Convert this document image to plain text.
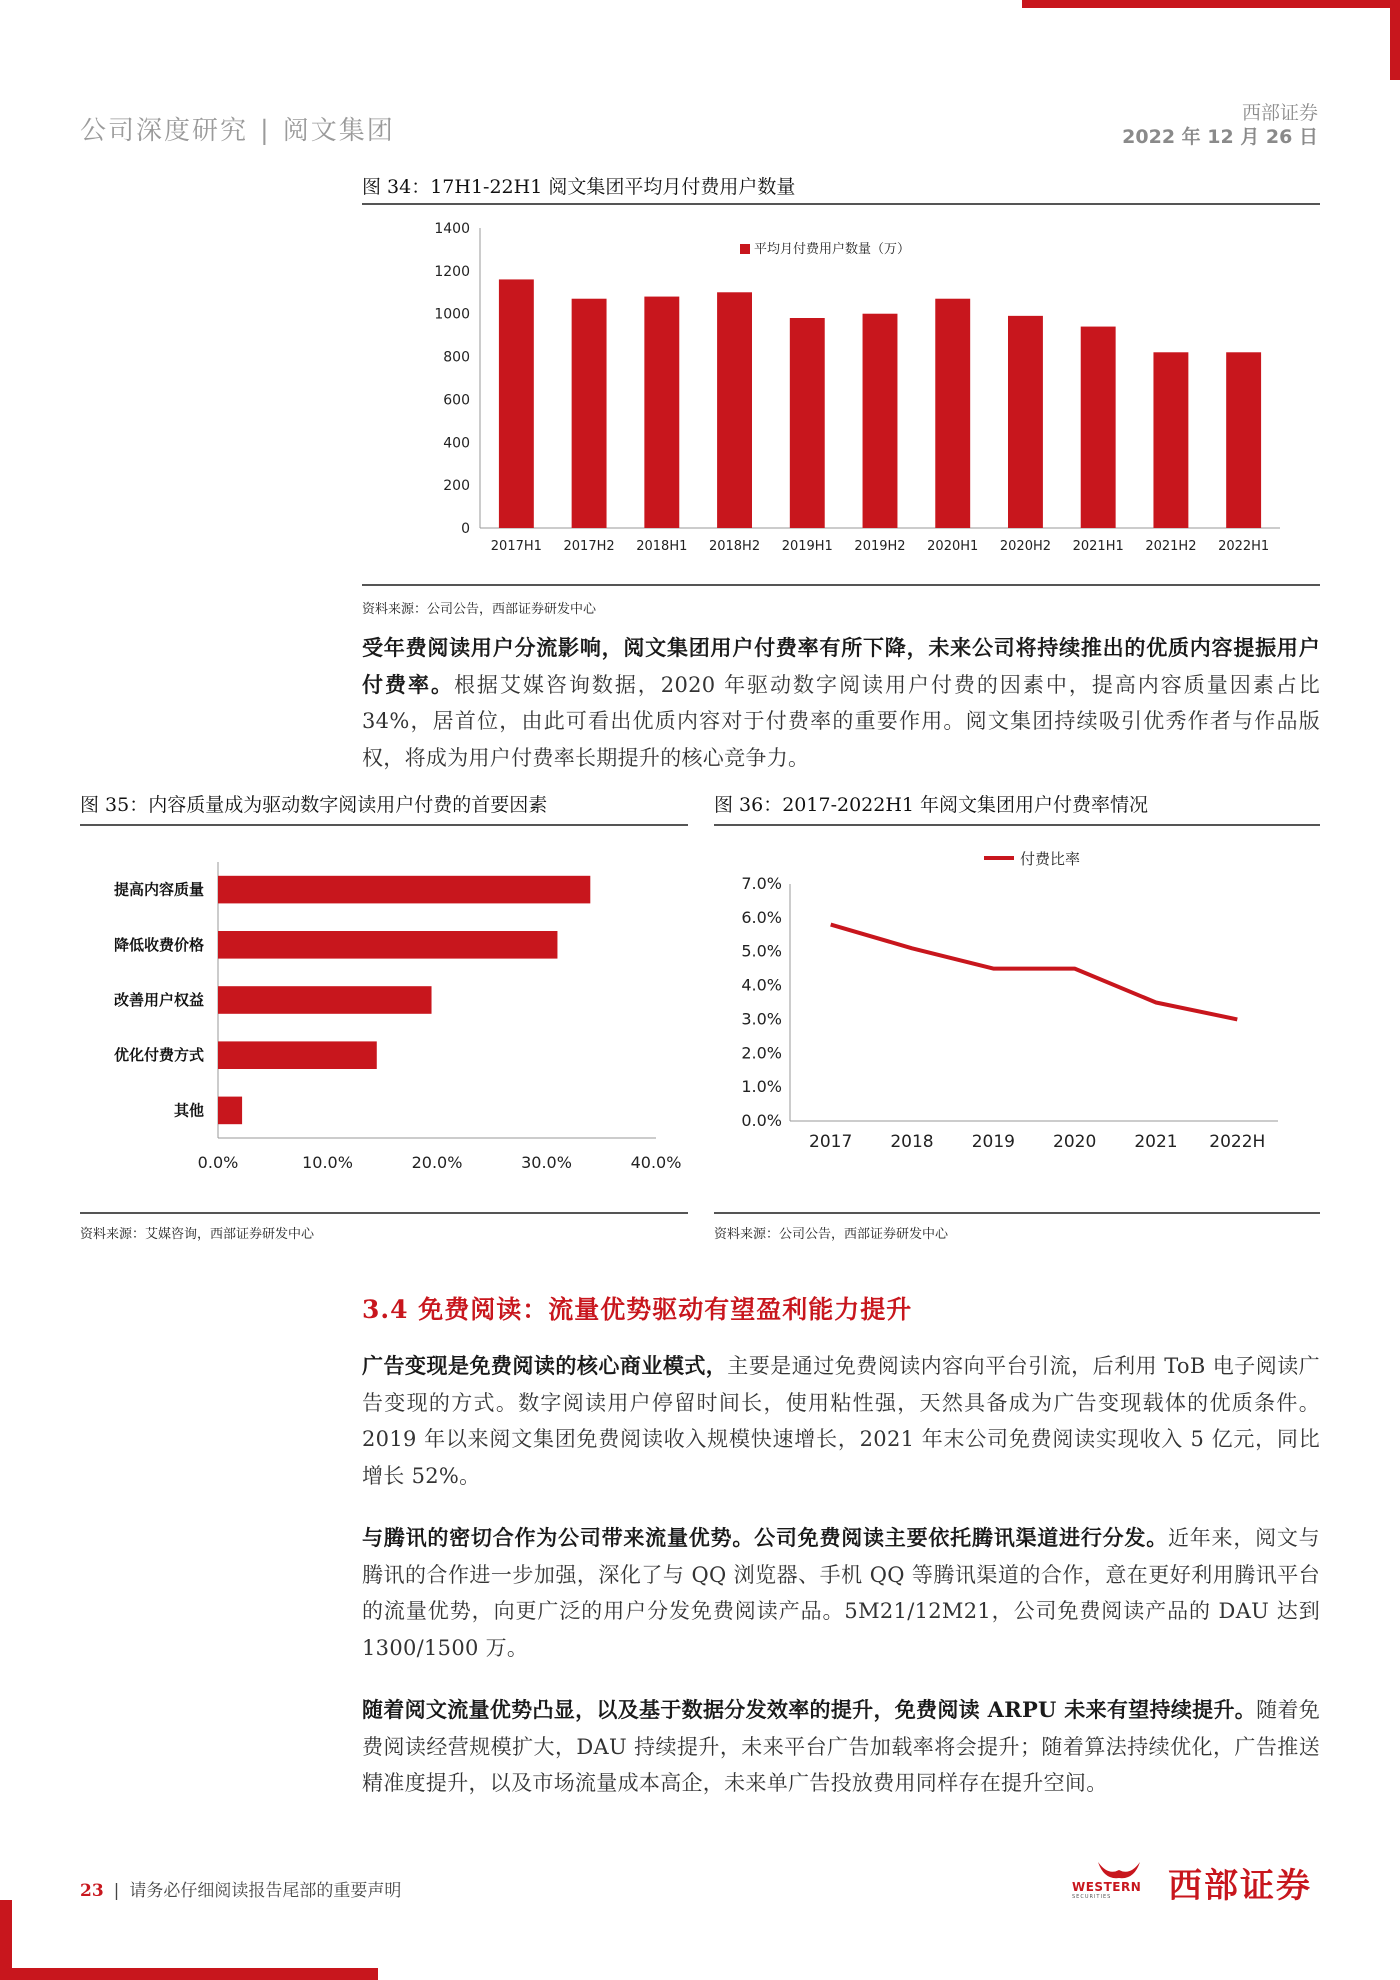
公司深度研究 | 阅文集团
西部证券
2022 年 12 月 26 日
图 34：17H1-22H1 阅文集团平均月付费用户数量
平均月付费用户数量（万）
0
200
400
600
800
1000
1200
1400
2017H1 2017H2 2018H1 2018H2 2019H1 2019H2 2020H1 2020H2 2021H1 2021H2 2022H1
资料来源：公司公告，西部证券研发中心
受年费阅读用户分流影响，阅文集团用户付费率有所下降，未来公司将持续推出的优质内容提振用户付费率。根据艾媒咨询数据，2020 年驱动数字阅读用户付费的因素中，提高内容质量因素占比 34%，居首位，由此可看出优质内容对于付费率的重要作用。阅文集团持续吸引优秀作者与作品版权，将成为用户付费率长期提升的核心竞争力。
图 35：内容质量成为驱动数字阅读用户付费的首要因素
提高内容质量
降低收费价格
改善用户权益
优化付费方式
其他
0.0%	10.0%	20.0%	30.0%	40.0%
资料来源：艾媒咨询，西部证券研发中心
图 36：2017-2022H1 年阅文集团用户付费率情况
付费比率
0.0%
1.0%
2.0%
3.0%
4.0%
5.0%
6.0%
7.0%
2017 2018 2019 2020 2021 2022H
资料来源：公司公告，西部证券研发中心
3.4 免费阅读：流量优势驱动有望盈利能力提升
广告变现是免费阅读的核心商业模式，主要是通过免费阅读内容向平台引流，后利用 ToB 电子阅读广告变现的方式。数字阅读用户停留时间长，使用粘性强，天然具备成为广告变现载体的优质条件。2019 年以来阅文集团免费阅读收入规模快速增长，2021 年末公司免费阅读实现收入 5 亿元，同比增长 52%。
与腾讯的密切合作为公司带来流量优势。公司免费阅读主要依托腾讯渠道进行分发。近年来，阅文与腾讯的合作进一步加强，深化了与 QQ 浏览器、手机 QQ 等腾讯渠道的合作，意在更好利用腾讯平台的流量优势，向更广泛的用户分发免费阅读产品。5M21/12M21，公司免费阅读产品的 DAU 达到 1300/1500 万。
随着阅文流量优势凸显，以及基于数据分发效率的提升，免费阅读 ARPU 未来有望持续提升。随着免费阅读经营规模扩大，DAU 持续提升，未来平台广告加载率将会提升；随着算法持续优化，广告推送精准度提升，以及市场流量成本高企，未来单广告投放费用同样存在提升空间。
23 | 请务必仔细阅读报告尾部的重要声明	WESTERN
SECURITIES 西部证券
